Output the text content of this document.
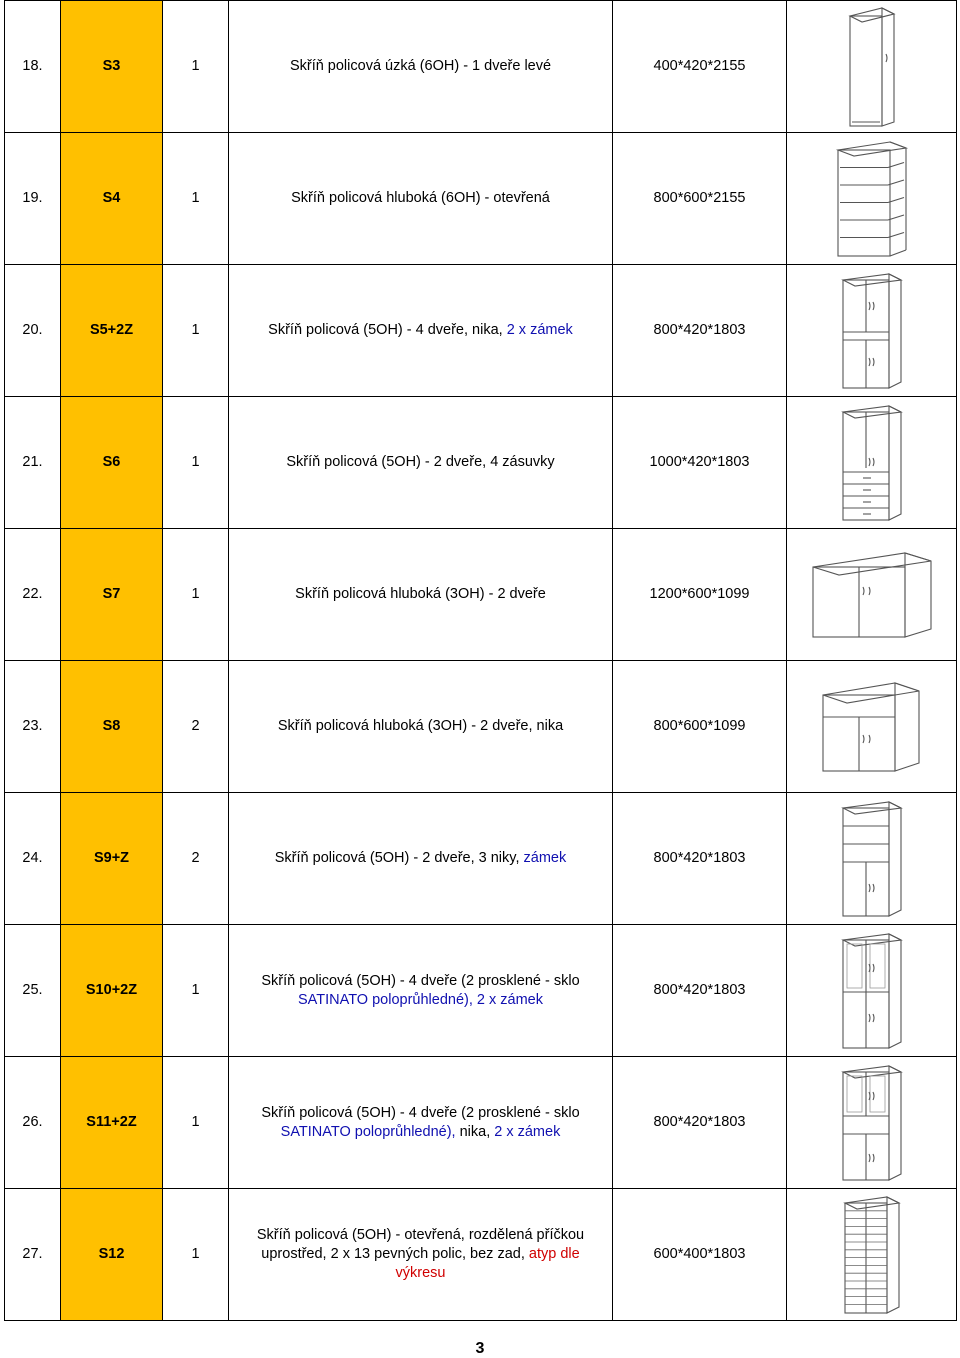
18.	S3	1	Skříň policová úzká (6OH) - 1 dveře levé	400*420*2155	

19.	S4	1	Skříň policová hluboká (6OH) - otevřená	800*600*2155	

20.	S5+2Z	1	Skříň policová (5OH) - 4 dveře, nika, 2 x zámek	800*420*1803	

21.	S6	1	Skříň policová (5OH) - 2 dveře, 4 zásuvky	1000*420*1803	

22.	S7	1	Skříň policová hluboká (3OH) - 2 dveře	1200*600*1099	

23.	S8	2	Skříň policová hluboká (3OH) - 2 dveře, nika	800*600*1099	

24.	S9+Z	2	Skříň policová (5OH) - 2 dveře, 3 niky, zámek	800*420*1803	

25.	S10+2Z	1	Skříň policová (5OH) - 4 dveře (2 prosklené - sklo
SATINATO poloprůhledné), 2 x zámek	800*420*1803	

26.	S11+2Z	1	Skříň policová (5OH) - 4 dveře (2 prosklené - sklo
SATINATO poloprůhledné), nika, 2 x zámek	800*420*1803	

27.	S12	1	Skříň policová (5OH) - otevřená, rozdělená příčkou
uprostřed, 2 x 13 pevných polic, bez zad, atyp dle
výkresu	600*400*1803	
3
